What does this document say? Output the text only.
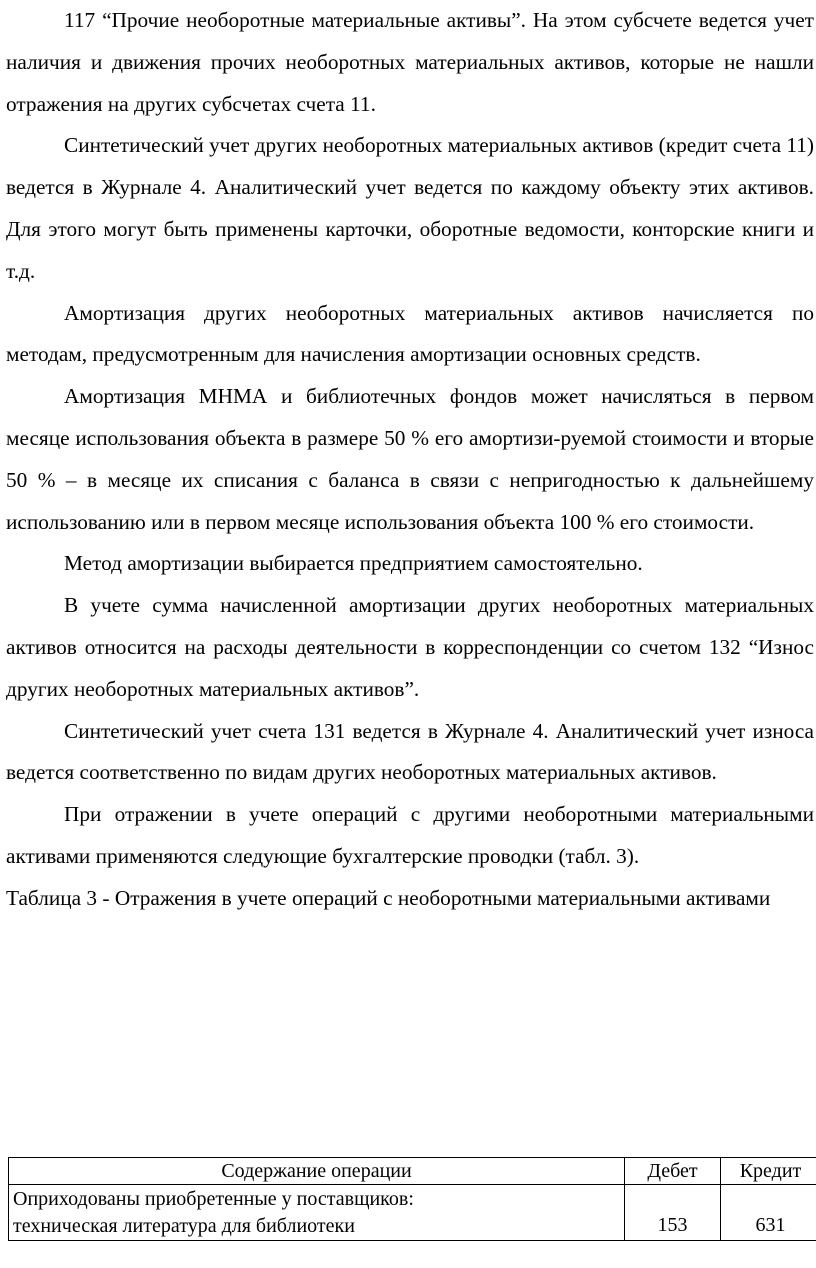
117 “Прочие необоротные материальные активы”. На этом субсчете ведется учет наличия и движения прочих необоротных материальных активов, которые не нашли отражения на других субсчетах счета 11.

Синтетический учет других необоротных материальных активов (кредит счета 11) ведется в Журнале 4. Аналитический учет ведется по каждому объекту этих активов. Для этого могут быть применены карточки, оборотные ведомости, конторские книги и т.д.

Амортизация других необоротных материальных активов начисляется по методам, предусмотренным для начисления амортизации основных средств.

Амортизация МНМА и библиотечных фондов может начисляться в первом месяце использования объекта в размере 50 % его амортизи-руемой стоимости и вторые 50 % – в месяце их списания с баланса в связи с непригодностью к дальнейшему использованию или в первом месяце использования объекта 100 % его стоимости.

Метод амортизации выбирается предприятием самостоятельно.

В учете сумма начисленной амортизации других необоротных материальных активов относится на расходы деятельности в корреспонденции со счетом 132 “Износ других необоротных материальных активов”.

Синтетический учет счета 131 ведется в Журнале 4. Аналитический учет износа ведется соответственно по видам других необоротных материальных активов.

При отражении в учете операций с другими необоротными материальными активами применяются следующие бухгалтерские проводки (табл. 3).

Таблица 3 - Отражения в учете операций с необоротными материальными активами

Содержание операции	Дебет	Кредит

Оприходованы приобретенные у поставщиков:
техническая литература для библиотеки	153	631
